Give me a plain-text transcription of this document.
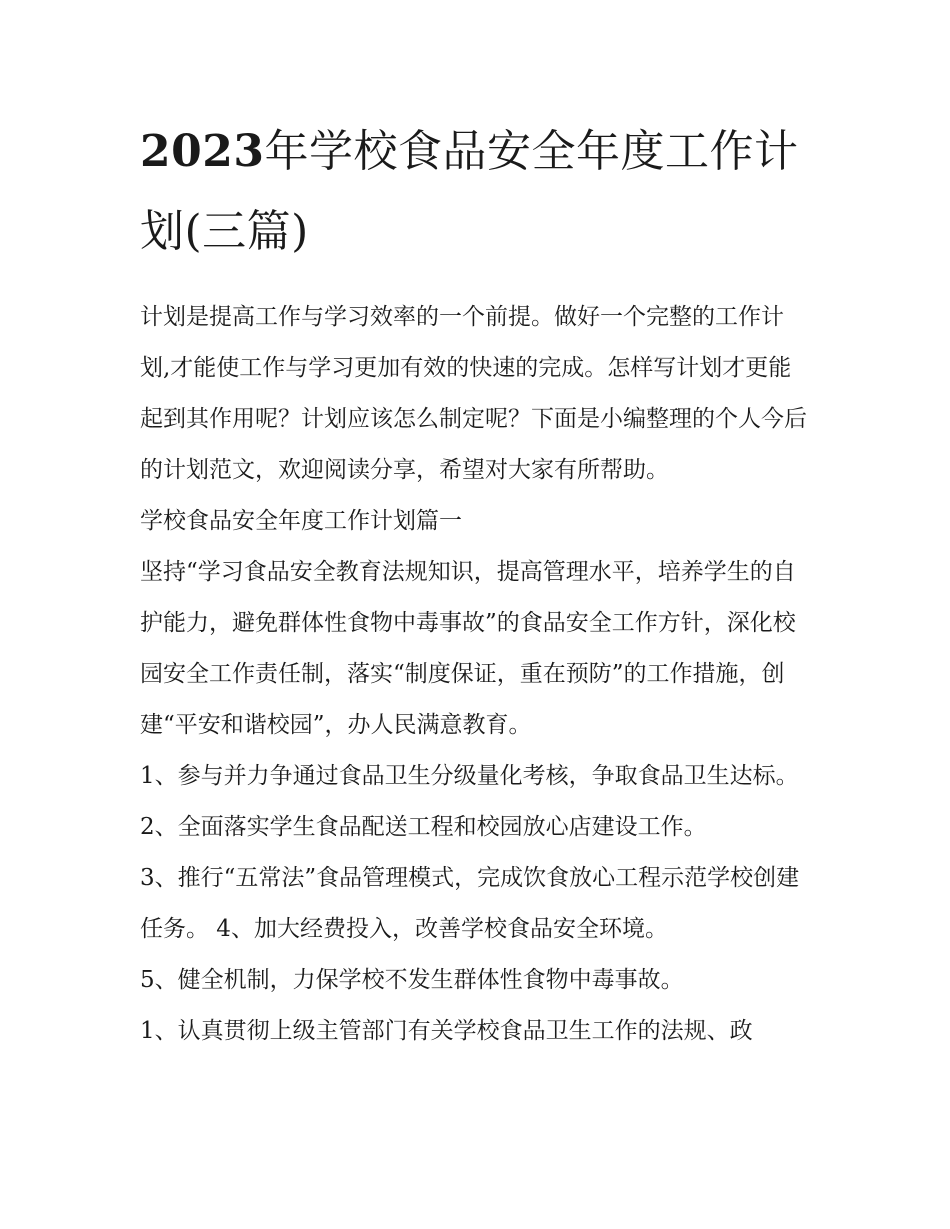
2023年学校食品安全年度工作计划(三篇)

计划是提高工作与学习效率的一个前提。做好一个完整的工作计划,才能使工作与学习更加有效的快速的完成。怎样写计划才更能起到其作用呢？计划应该怎么制定呢？下面是小编整理的个人今后的计划范文，欢迎阅读分享，希望对大家有所帮助。

学校食品安全年度工作计划篇一

坚持“学习食品安全教育法规知识，提高管理水平，培养学生的自护能力，避免群体性食物中毒事故”的食品安全工作方针，深化校园安全工作责任制，落实“制度保证，重在预防”的工作措施，创建“平安和谐校园”，办人民满意教育。

1、参与并力争通过食品卫生分级量化考核，争取食品卫生达标。 2、全面落实学生食品配送工程和校园放心店建设工作。

3、推行“五常法”食品管理模式，完成饮食放心工程示范学校创建任务。 4、加大经费投入，改善学校食品安全环境。

5、健全机制，力保学校不发生群体性食物中毒事故。

1、认真贯彻上级主管部门有关学校食品卫生工作的法规、政
